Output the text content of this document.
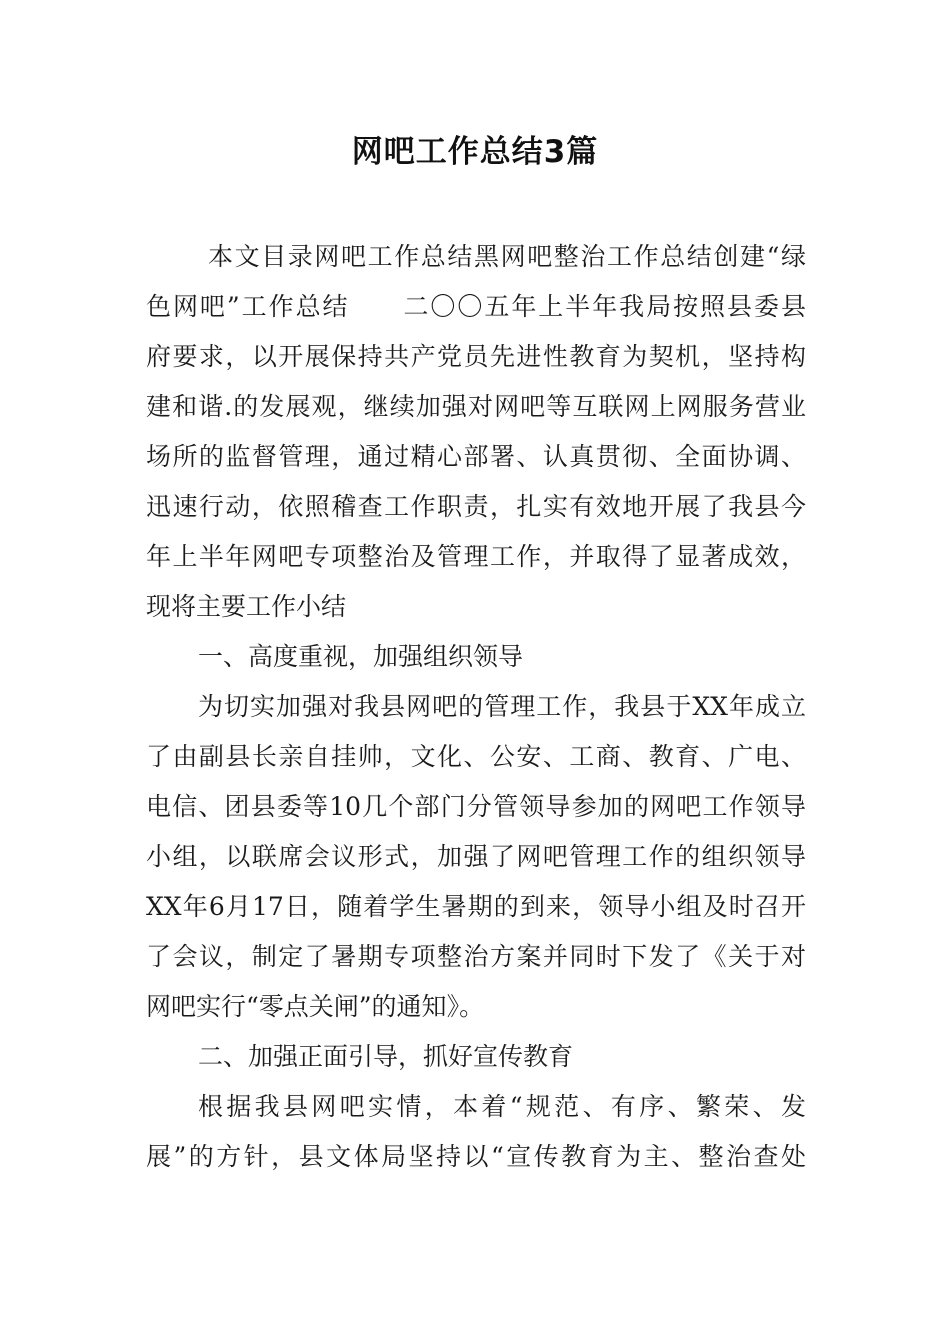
网吧工作总结3篇
本文目录网吧工作总结黑网吧整治工作总结创建“绿
色网吧”工作总结　　二〇〇五年上半年我局按照县委县
府要求，以开展保持共产党员先进性教育为契机，坚持构
建和谐.的发展观，继续加强对网吧等互联网上网服务营业
场所的监督管理，通过精心部署、认真贯彻、全面协调、
迅速行动，依照稽查工作职责，扎实有效地开展了我县今
年上半年网吧专项整治及管理工作，并取得了显著成效，
现将主要工作小结
一、高度重视，加强组织领导
为切实加强对我县网吧的管理工作，我县于XX年成立
了由副县长亲自挂帅，文化、公安、工商、教育、广电、
电信、团县委等10几个部门分管领导参加的网吧工作领导
小组，以联席会议形式，加强了网吧管理工作的组织领导
XX年6月17日，随着学生暑期的到来，领导小组及时召开
了会议，制定了暑期专项整治方案并同时下发了《关于对
网吧实行“零点关闸”的通知》。
二、加强正面引导，抓好宣传教育
根据我县网吧实情，本着“规范、有序、繁荣、发
展”的方针，县文体局坚持以“宣传教育为主、整治查处
